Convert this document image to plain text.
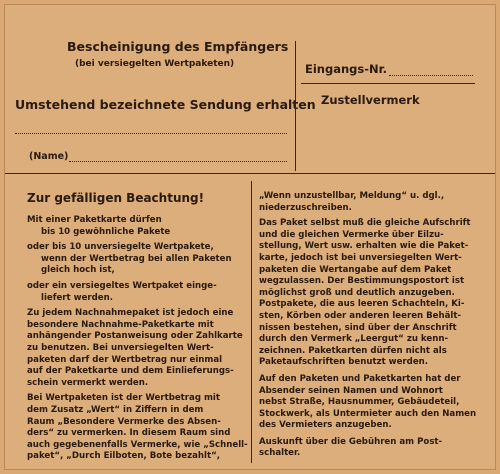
Bescheinigung des Empfängers
(bei versiegelten Wertpaketen)
Umstehend bezeichnete Sendung erhalten
(Name)
Eingangs-Nr.
Zustellvermerk
Zur gefälligen Beachtung!
Mit einer Paketkarte dürfen
bis 10 gewöhnliche Pakete
oder bis 10 unversiegelte Wertpakete,
wenn der Wertbetrag bei allen Paketen
gleich hoch ist,
oder ein versiegeltes Wertpaket einge-
liefert werden.
Zu jedem Nachnahmepaket ist jedoch eine
besondere Nachnahme-Paketkarte mit
anhängender Postanweisung oder Zahlkarte
zu benutzen. Bei unversiegelten Wert-
paketen darf der Wertbetrag nur einmal
auf der Paketkarte und dem Einlieferungs-
schein vermerkt werden.
Bei Wertpaketen ist der Wertbetrag mit
dem Zusatz „Wert“ in Ziffern in dem
Raum „Besondere Vermerke des Absen-
ders“ zu vermerken. In diesem Raum sind
auch gegebenenfalls Vermerke, wie „Schnell-
paket“, „Durch Eilboten, Bote bezahlt“,
„Wenn unzustellbar, Meldung“ u. dgl.,
niederzuschreiben.
Das Paket selbst muß die gleiche Aufschrift
und die gleichen Vermerke über Eilzu-
stellung, Wert usw. erhalten wie die Paket-
karte, jedoch ist bei unversiegelten Wert-
paketen die Wertangabe auf dem Paket
wegzulassen. Der Bestimmungspostort ist
möglichst groß und deutlich anzugeben.
Postpakete, die aus leeren Schachteln, Ki-
sten, Körben oder anderen leeren Behält-
nissen bestehen, sind über der Anschrift
durch den Vermerk „Leergut“ zu kenn-
zeichnen. Paketkarten dürfen nicht als
Paketaufschriften benutzt werden.
Auf den Paketen und Paketkarten hat der
Absender seinen Namen und Wohnort
nebst Straße, Hausnummer, Gebäudeteil,
Stockwerk, als Untermieter auch den Namen
des Vermieters anzugeben.
Auskunft über die Gebühren am Post-
schalter.
